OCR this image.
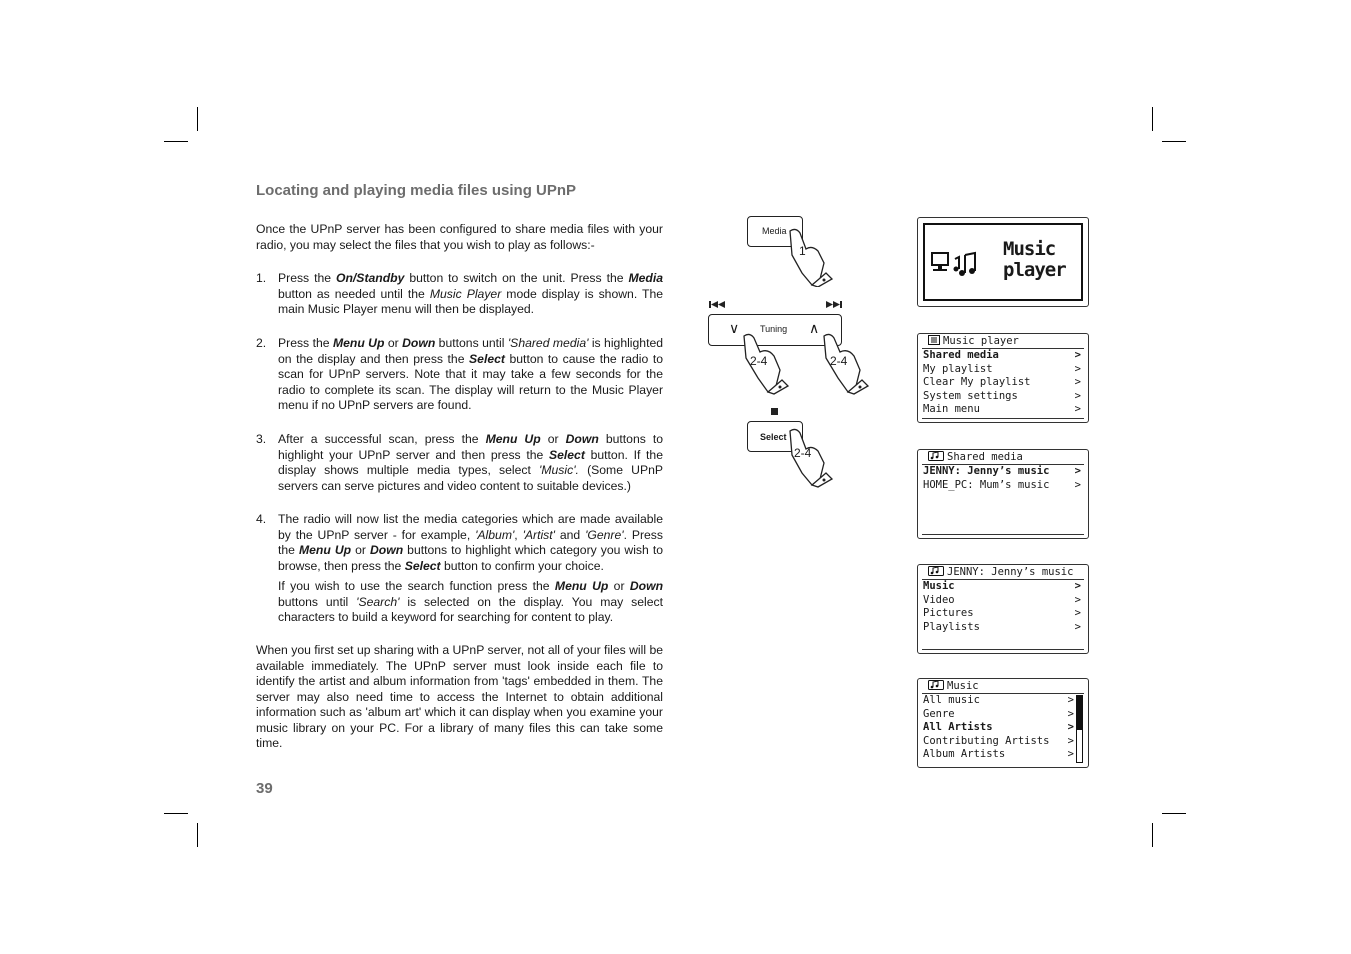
Locating and playing media files using UPnP
Once the UPnP server has been configured to share media files with your radio, you may select the files that you wish to play as follows:-
1. Press the On/Standby button to switch on the unit. Press the Media button as needed until the Music Player mode display is shown. The main Music Player menu will then be displayed.
2. Press the Menu Up or Down buttons until 'Shared media' is highlighted on the display and then press the Select button to cause the radio to scan for UPnP servers. Note that it may take a few seconds for the radio to complete its scan. The display will return to the Music Player menu if no UPnP servers are found.
3. After a successful scan, press the Menu Up or Down buttons to highlight your UPnP server and then press the Select button. If the display shows multiple media types, select 'Music'. (Some UPnP servers can serve pictures and video content to suitable devices.)
4. The radio will now list the media categories which are made available by the UPnP server - for example, 'Album', 'Artist' and 'Genre'. Press the Menu Up or Down buttons to highlight which category you wish to browse, then press the Select button to confirm your choice.
If you wish to use the search function press the Menu Up or Down buttons until 'Search' is selected on the display. You may select characters to build a keyword for searching for content to play.
When you first set up sharing with a UPnP server, not all of your files will be available immediately. The UPnP server must look inside each file to identify the artist and album information from 'tags' embedded in them. The server may also need time to access the Internet to obtain additional information such as 'album art' which it can display when you examine your music library on your PC. For a library of many files this can take some time.
39
Media
1
∨ Tuning ∧
2-4	2-4
Select
2-4
Music
player
Music player
Shared media	>
My playlist	>
Clear My playlist	>
System settings	>
Main menu	>
Shared media
JENNY: Jenny’s music >
HOME_PC: Mum’s music >
JENNY: Jenny’s music
Music	>
Video	>
Pictures	>
Playlists	>
Music
All music	>
Genre	>
All Artists	>
Contributing Artists >
Album Artists	>
